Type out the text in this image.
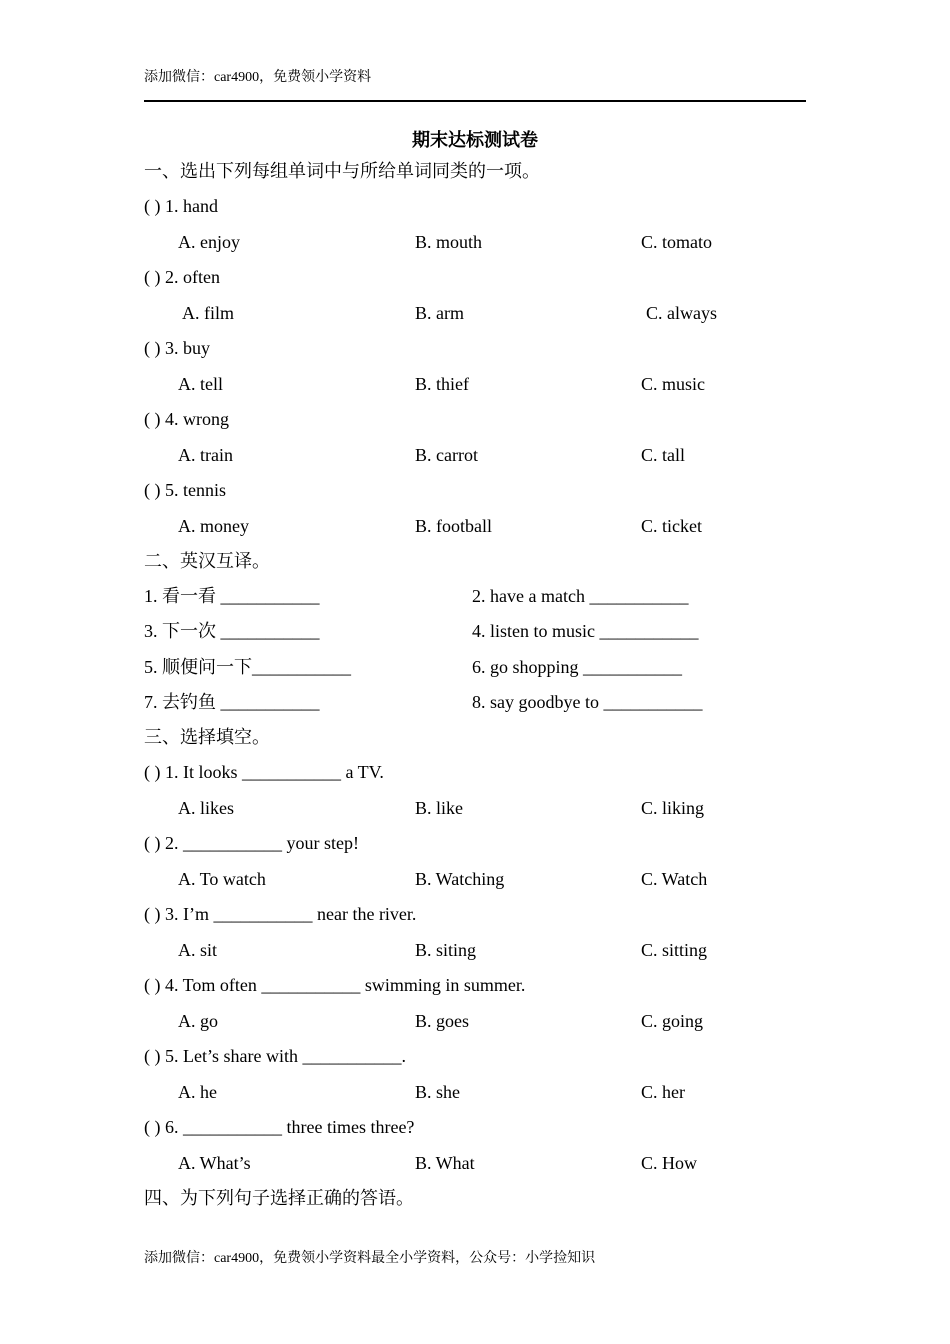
添加微信：car4900，免费领小学资料
期末达标测试卷
一、选出下列每组单词中与所给单词同类的一项。
( ) 1. hand
A. enjoy	B. mouth	C. tomato
( ) 2. often
A. film	B. arm	C. always
( ) 3. buy
A. tell	B. thief	C. music
( ) 4. wrong
A. train	B. carrot	C. tall
( ) 5. tennis
A. money	B. football	C. ticket
二、英汉互译。
1. 看一看 ___________	2. have a match ___________
3. 下一次 ___________	4. listen to music ___________
5. 顺便问一下___________	6. go shopping ___________
7. 去钓鱼 ___________	8. say goodbye to ___________
三、选择填空。
( ) 1. It looks ___________ a TV.
A. likes	B. like	C. liking
( ) 2. ___________ your step!
A. To watch	B. Watching	C. Watch
( ) 3. I’m ___________ near the river.
A. sit	B. siting	C. sitting
( ) 4. Tom often ___________ swimming in summer.
A. go	B. goes	C. going
( ) 5. Let’s share with ___________.
A. he	B. she	C. her
( ) 6. ___________ three times three?
A. What’s	B. What	C. How
四、为下列句子选择正确的答语。
添加微信：car4900，免费领小学资料最全小学资料，公众号：小学捡知识
